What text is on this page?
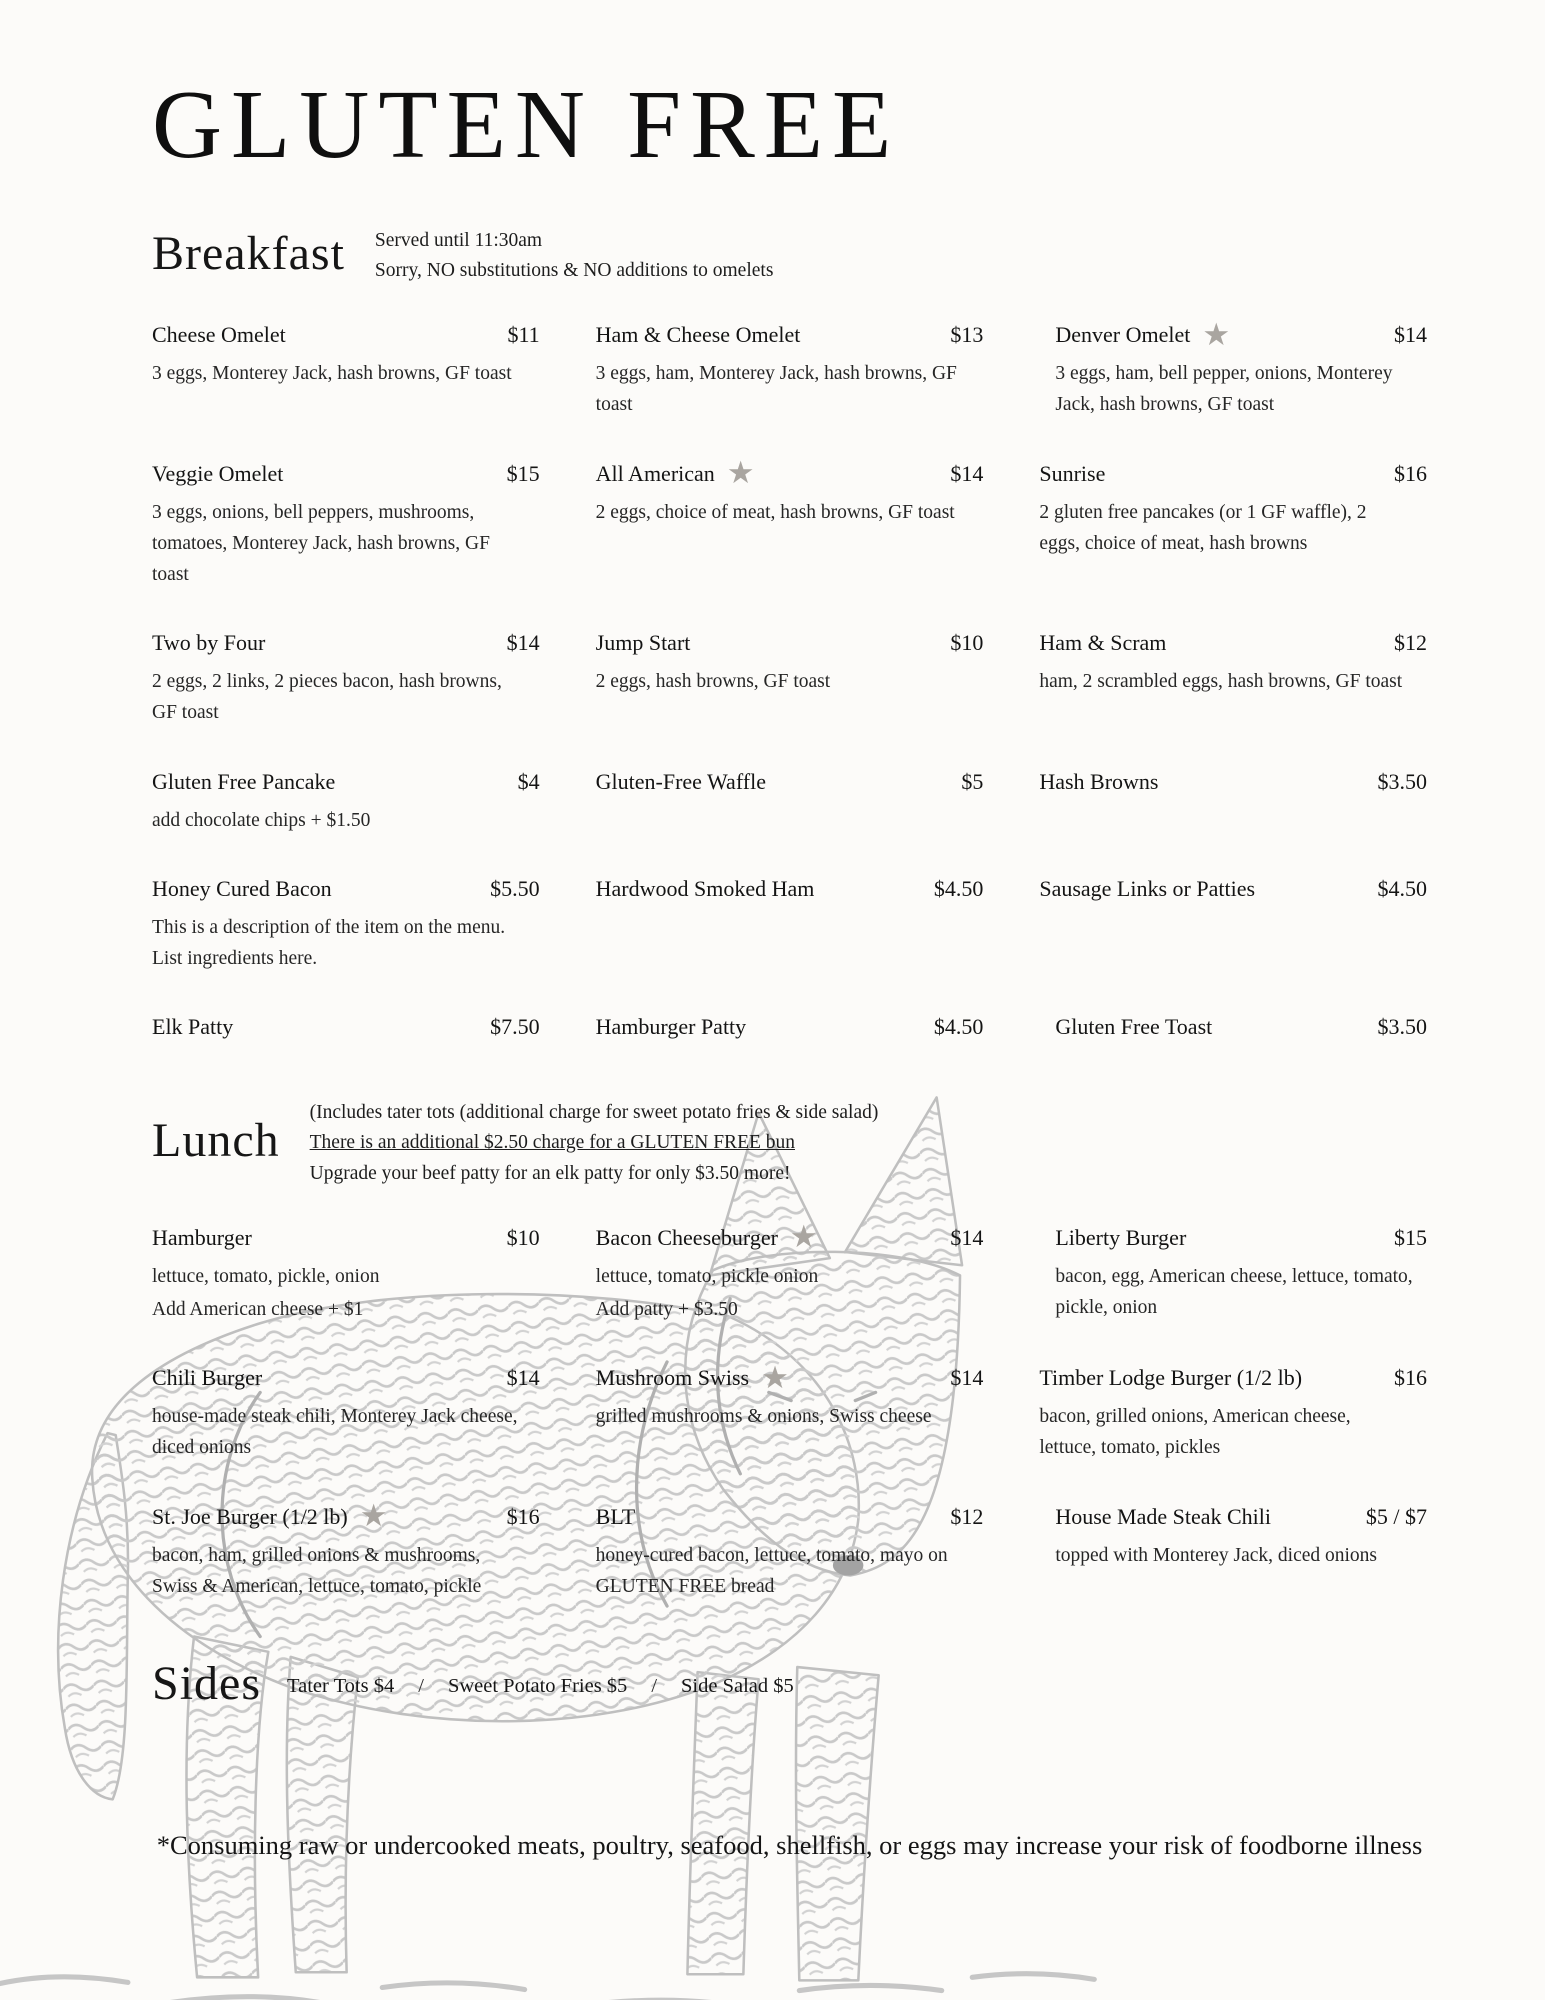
GLUTEN FREE
Breakfast Served until 11:30am
Sorry, NO substitutions & NO additions to omelets
Cheese Omelet	$11

3 eggs, Monterey Jack, hash browns, GF toast

Ham & Cheese Omelet	$13

3 eggs, ham, Monterey Jack, hash browns, GF toast

Denver Omelet ★	$14

3 eggs, ham, bell pepper, onions, Monterey Jack, hash browns, GF toast

Veggie Omelet	$15

3 eggs, onions, bell peppers, mushrooms, tomatoes, Monterey Jack, hash browns, GF toast

All American ★	$14

2 eggs, choice of meat, hash browns, GF toast

Sunrise	$16

2 gluten free pancakes (or 1 GF waffle), 2 eggs, choice of meat, hash browns

Two by Four	$14

2 eggs, 2 links, 2 pieces bacon, hash browns, GF toast

Jump Start	$10

2 eggs, hash browns, GF toast

Ham & Scram	$12

ham, 2 scrambled eggs, hash browns, GF toast

Gluten Free Pancake	$4

add chocolate chips + $1.50

Gluten-Free Waffle	$5	Hash Browns	$3.50
Honey Cured Bacon	$5.50

This is a description of the item on the menu. List ingredients here.

Hardwood Smoked Ham	$4.50	Sausage Links or Patties	$4.50
Elk Patty	$7.50	Hamburger Patty	$4.50	Gluten Free Toast	$3.50
Lunch
(Includes tater tots (additional charge for sweet potato fries & side salad)
There is an additional $2.50 charge for a GLUTEN FREE bun
Upgrade your beef patty for an elk patty for only $3.50 more!
Hamburger	$10

lettuce, tomato, pickle, onion

Add American cheese + $1

Bacon Cheeseburger ★	$14

lettuce, tomato, pickle onion

Add patty + $3.50

Liberty Burger	$15

bacon, egg, American cheese, lettuce, tomato, pickle, onion

Chili Burger	$14

house-made steak chili, Monterey Jack cheese, diced onions

Mushroom Swiss ★	$14

grilled mushrooms & onions, Swiss cheese

Timber Lodge Burger (1/2 lb)	$16

bacon, grilled onions, American cheese, lettuce, tomato, pickles

St. Joe Burger (1/2 lb) ★	$16

bacon, ham, grilled onions & mushrooms, Swiss & American, lettuce, tomato, pickle

BLT	$12

honey-cured bacon, lettuce, tomato, mayo on GLUTEN FREE bread

House Made Steak Chili	$5 / $7

topped with Monterey Jack, diced onions

Sides Tater Tots $4 / Sweet Potato Fries $5 / Side Salad $5
*Consuming raw or undercooked meats, poultry, seafood, shellfish, or eggs may increase your risk of foodborne illness
